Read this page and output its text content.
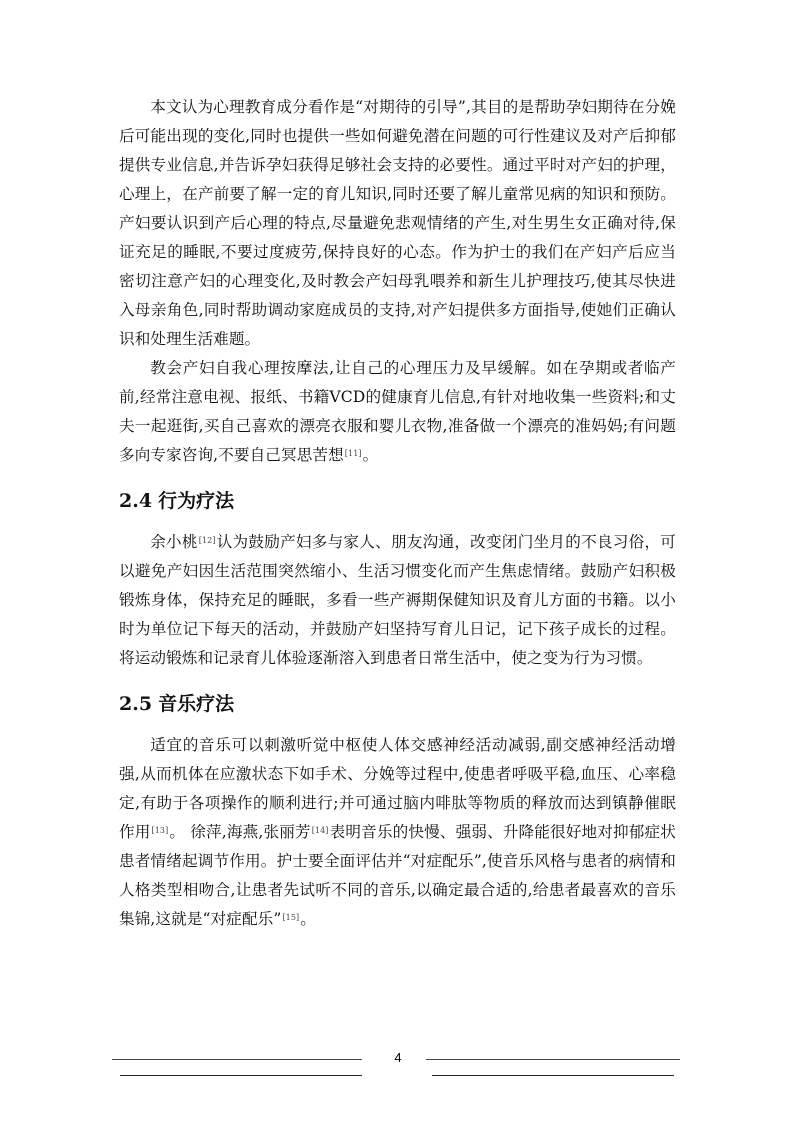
本文认为心理教育成分看作是“对期待的引导”,其目的是帮助孕妇期待在分娩后可能出现的变化,同时也提供一些如何避免潜在问题的可行性建议及对产后抑郁提供专业信息,并告诉孕妇获得足够社会支持的必要性。通过平时对产妇的护理，心理上，在产前要了解一定的育儿知识,同时还要了解儿童常见病的知识和预防。产妇要认识到产后心理的特点,尽量避免悲观情绪的产生,对生男生女正确对待,保证充足的睡眠,不要过度疲劳,保持良好的心态。作为护士的我们在产妇产后应当密切注意产妇的心理变化,及时教会产妇母乳喂养和新生儿护理技巧,使其尽快进入母亲角色,同时帮助调动家庭成员的支持,对产妇提供多方面指导,使她们正确认识和处理生活难题。

教会产妇自我心理按摩法,让自己的心理压力及早缓解。如在孕期或者临产前,经常注意电视、报纸、书籍VCD的健康育儿信息,有针对地收集一些资料;和丈夫一起逛街,买自己喜欢的漂亮衣服和婴儿衣物,准备做一个漂亮的准妈妈;有问题多向专家咨询,不要自己冥思苦想[11]。

2.4 行为疗法

余小桃[12]认为鼓励产妇多与家人、朋友沟通，改变闭门坐月的不良习俗，可以避免产妇因生活范围突然缩小、生活习惯变化而产生焦虑情绪。鼓励产妇积极锻炼身体，保持充足的睡眠，多看一些产褥期保健知识及育儿方面的书籍。以小时为单位记下每天的活动，并鼓励产妇坚持写育儿日记，记下孩子成长的过程。将运动锻炼和记录育儿体验逐渐溶入到患者日常生活中，使之变为行为习惯。

2.5 音乐疗法

适宜的音乐可以刺激听觉中枢使人体交感神经活动减弱,副交感神经活动增强,从而机体在应激状态下如手术、分娩等过程中,使患者呼吸平稳,血压、心率稳定,有助于各项操作的顺利进行;并可通过脑内啡肽等物质的释放而达到镇静催眠作用[13]。 徐萍,海燕,张丽芳[14]表明音乐的快慢、强弱、升降能很好地对抑郁症状患者情绪起调节作用。护士要全面评估并“对症配乐”,使音乐风格与患者的病情和人格类型相吻合,让患者先试听不同的音乐,以确定最合适的,给患者最喜欢的音乐集锦,这就是“对症配乐”[15]。

4
